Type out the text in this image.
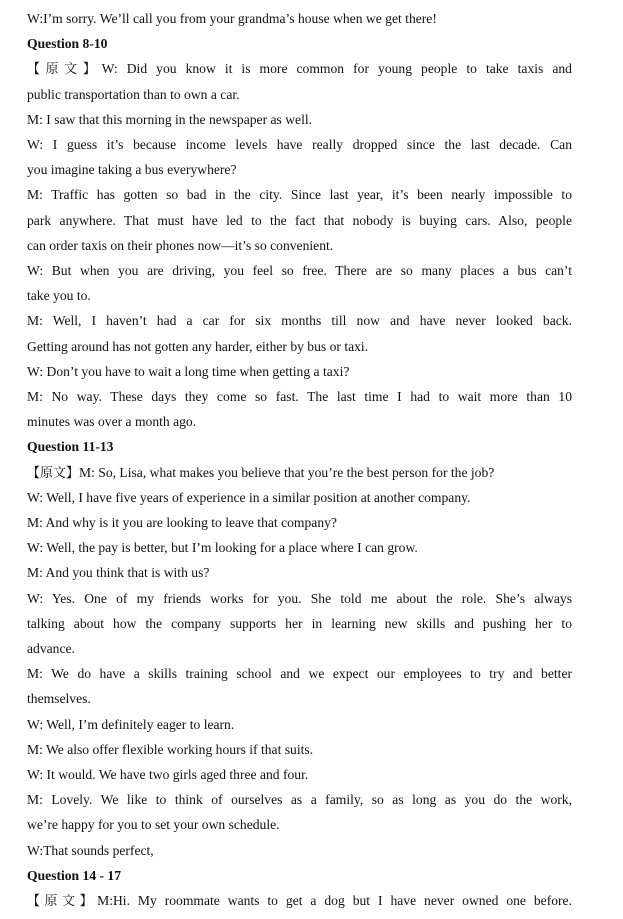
W:I’m sorry. We’ll call you from your grandma’s house when we get there!
Question 8-10
【原文】W: Did you know it is more common for young people to take taxis and
public transportation than to own a car.
M: I saw that this morning in the newspaper as well.
W: I guess it’s because income levels have really dropped since the last decade. Can
you imagine taking a bus everywhere?
M: Traffic has gotten so bad in the city. Since last year, it’s been nearly impossible to
park anywhere. That must have led to the fact that nobody is buying cars. Also, people
can order taxis on their phones now—it’s so convenient.
W: But when you are driving, you feel so free. There are so many places a bus can’t
take you to.
M: Well, I haven’t had a car for six months till now and have never looked back.
Getting around has not gotten any harder, either by bus or taxi.
W: Don’t you have to wait a long time when getting a taxi?
M: No way. These days they come so fast. The last time I had to wait more than 10
minutes was over a month ago.
Question 11-13
【原文】M: So, Lisa, what makes you believe that you’re the best person for the job?
W: Well, I have five years of experience in a similar position at another company.
M: And why is it you are looking to leave that company?
W: Well, the pay is better, but I’m looking for a place where I can grow.
M: And you think that is with us?
W: Yes. One of my friends works for you. She told me about the role. She’s always
talking about how the company supports her in learning new skills and pushing her to
advance.
M: We do have a skills training school and we expect our employees to try and better
themselves.
W: Well, I’m definitely eager to learn.
M: We also offer flexible working hours if that suits.
W: It would. We have two girls aged three and four.
M: Lovely. We like to think of ourselves as a family, so as long as you do the work,
we’re happy for you to set your own schedule.
W:That sounds perfect,
Question 14 - 17
【原文】M:Hi. My roommate wants to get a dog but I have never owned one before.
